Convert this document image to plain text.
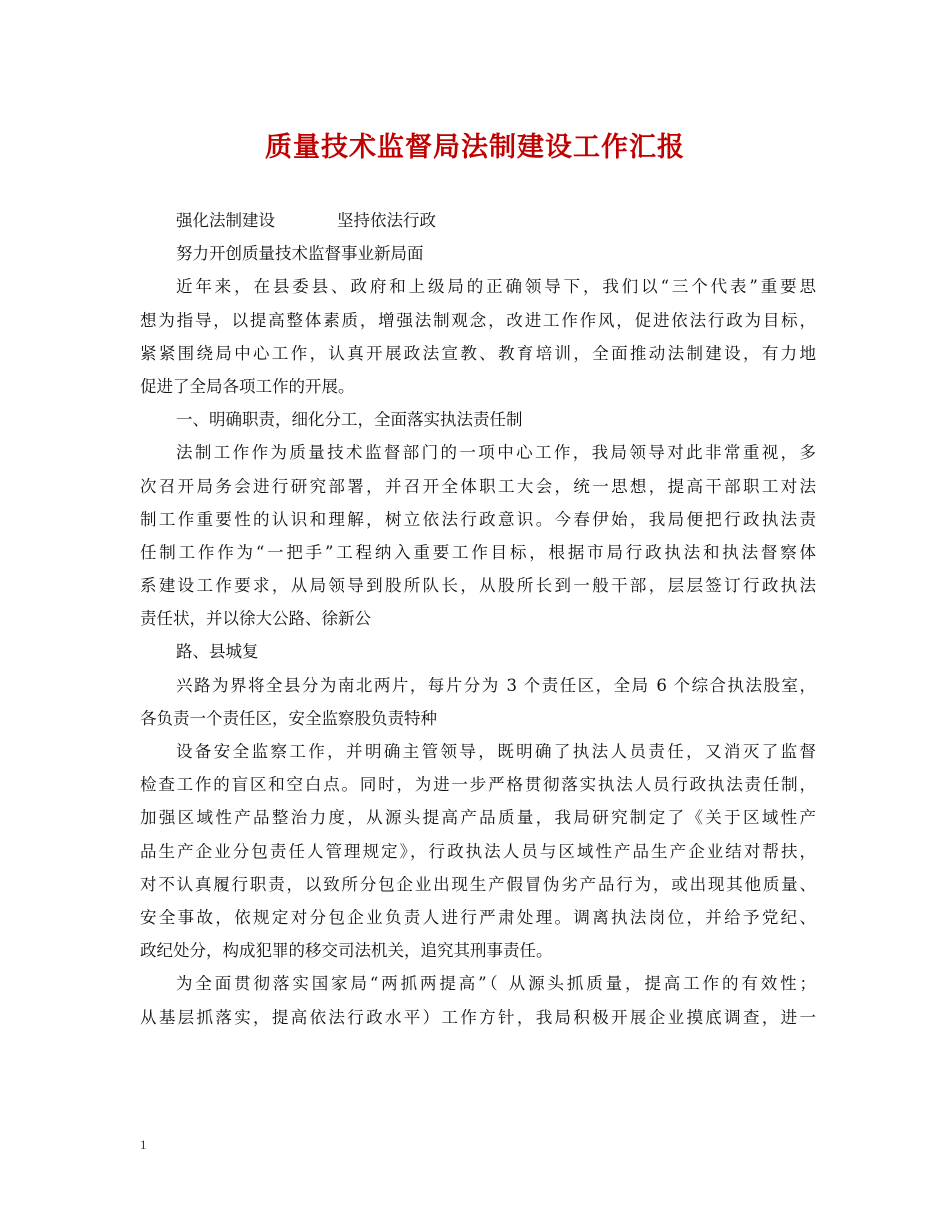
质量技术监督局法制建设工作汇报
强化法制建设	坚持依法行政
努力开创质量技术监督事业新局面
近年来，在县委县、政府和上级局的正确领导下，我们以“三个代表”重要思
想为指导，以提高整体素质，增强法制观念，改进工作作风，促进依法行政为目标，
紧紧围绕局中心工作，认真开展政法宣教、教育培训，全面推动法制建设，有力地
促进了全局各项工作的开展。
一、明确职责，细化分工，全面落实执法责任制
法制工作作为质量技术监督部门的一项中心工作，我局领导对此非常重视，多
次召开局务会进行研究部署，并召开全体职工大会，统一思想，提高干部职工对法
制工作重要性的认识和理解，树立依法行政意识。今春伊始，我局便把行政执法责
任制工作作为“一把手”工程纳入重要工作目标，根据市局行政执法和执法督察体
系建设工作要求，从局领导到股所队长，从股所长到一般干部，层层签订行政执法
责任状，并以徐大公路、徐新公
路、县城复
兴路为界将全县分为南北两片，每片分为 3 个责任区，全局 6 个综合执法股室，
各负责一个责任区，安全监察股负责特种
设备安全监察工作，并明确主管领导，既明确了执法人员责任，又消灭了监督
检查工作的盲区和空白点。同时，为进一步严格贯彻落实执法人员行政执法责任制，
加强区域性产品整治力度，从源头提高产品质量，我局研究制定了《关于区域性产
品生产企业分包责任人管理规定》，行政执法人员与区域性产品生产企业结对帮扶，
对不认真履行职责，以致所分包企业出现生产假冒伪劣产品行为，或出现其他质量、
安全事故，依规定对分包企业负责人进行严肃处理。调离执法岗位，并给予党纪、
政纪处分，构成犯罪的移交司法机关，追究其刑事责任。
为全面贯彻落实国家局“两抓两提高”（ 从源头抓质量，提高工作的有效性；
从基层抓落实，提高依法行政水平）工作方针，我局积极开展企业摸底调查，进一
1
